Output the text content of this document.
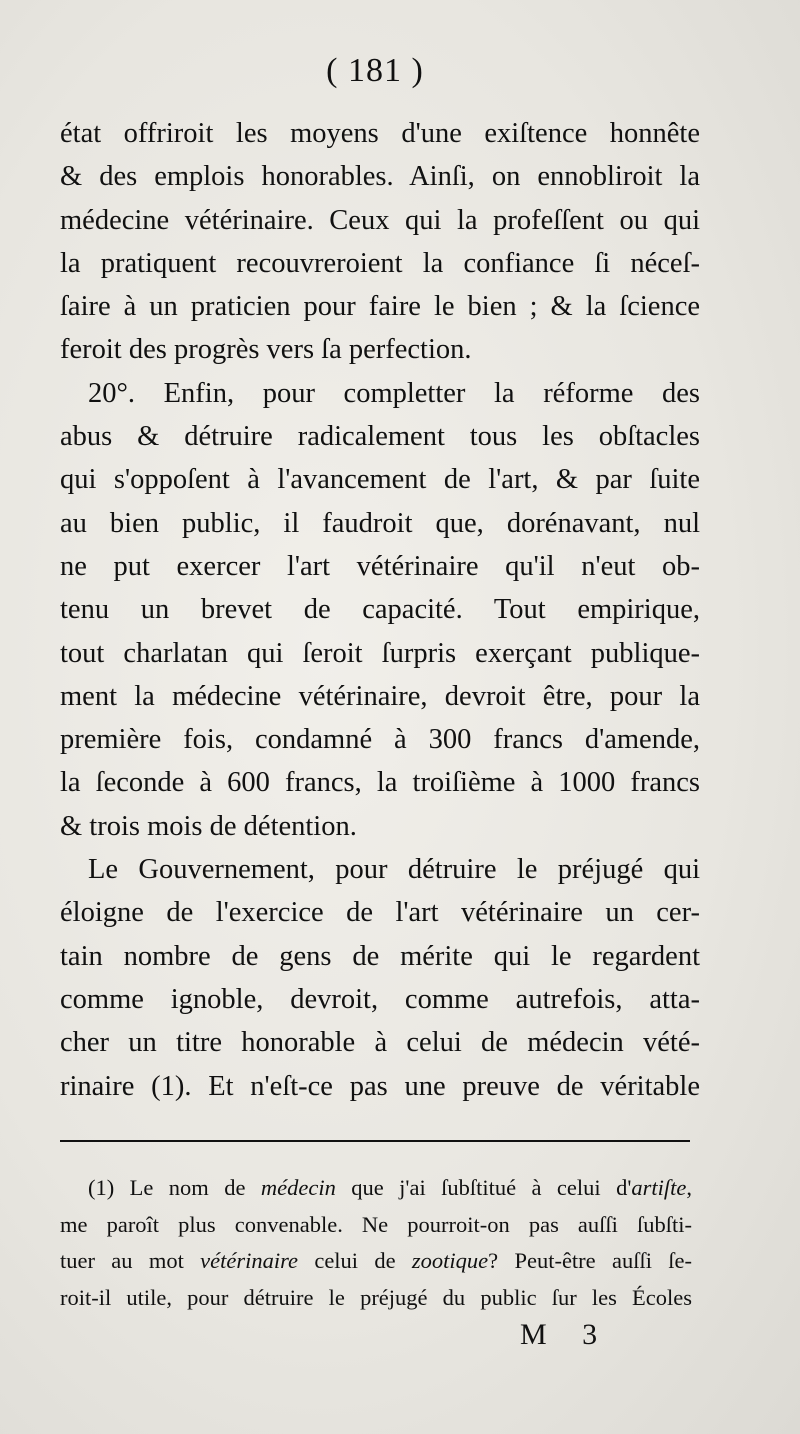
( 181 )
état offriroit les moyens d'une exiſtence honnête
& des emplois honorables. Ainſi, on ennobliroit la
médecine vétérinaire. Ceux qui la profeſſent ou qui
la pratiquent recouvreroient la confiance ſi néceſ-
ſaire à un praticien pour faire le bien ; & la ſcience
feroit des progrès vers ſa perfection.
20°. Enfin, pour completter la réforme des
abus & détruire radicalement tous les obſtacles
qui s'oppoſent à l'avancement de l'art, & par ſuite
au bien public, il faudroit que, dorénavant, nul
ne put exercer l'art vétérinaire qu'il n'eut ob-
tenu un brevet de capacité. Tout empirique,
tout charlatan qui ſeroit ſurpris exerçant publique-
ment la médecine vétérinaire, devroit être, pour la
première fois, condamné à 300 francs d'amende,
la ſeconde à 600 francs, la troiſième à 1000 francs
& trois mois de détention.
Le Gouvernement, pour détruire le préjugé qui
éloigne de l'exercice de l'art vétérinaire un cer-
tain nombre de gens de mérite qui le regardent
comme ignoble, devroit, comme autrefois, atta-
cher un titre honorable à celui de médecin vété-
rinaire (1). Et n'eſt-ce pas une preuve de véritable
(1) Le nom de médecin que j'ai ſubſtitué à celui d'artiſte,
me paroît plus convenable. Ne pourroit-on pas auſſi ſubſti-
tuer au mot vétérinaire celui de zootique? Peut-être auſſi ſe-
roit-il utile, pour détruire le préjugé du public ſur les Écoles
M 3
